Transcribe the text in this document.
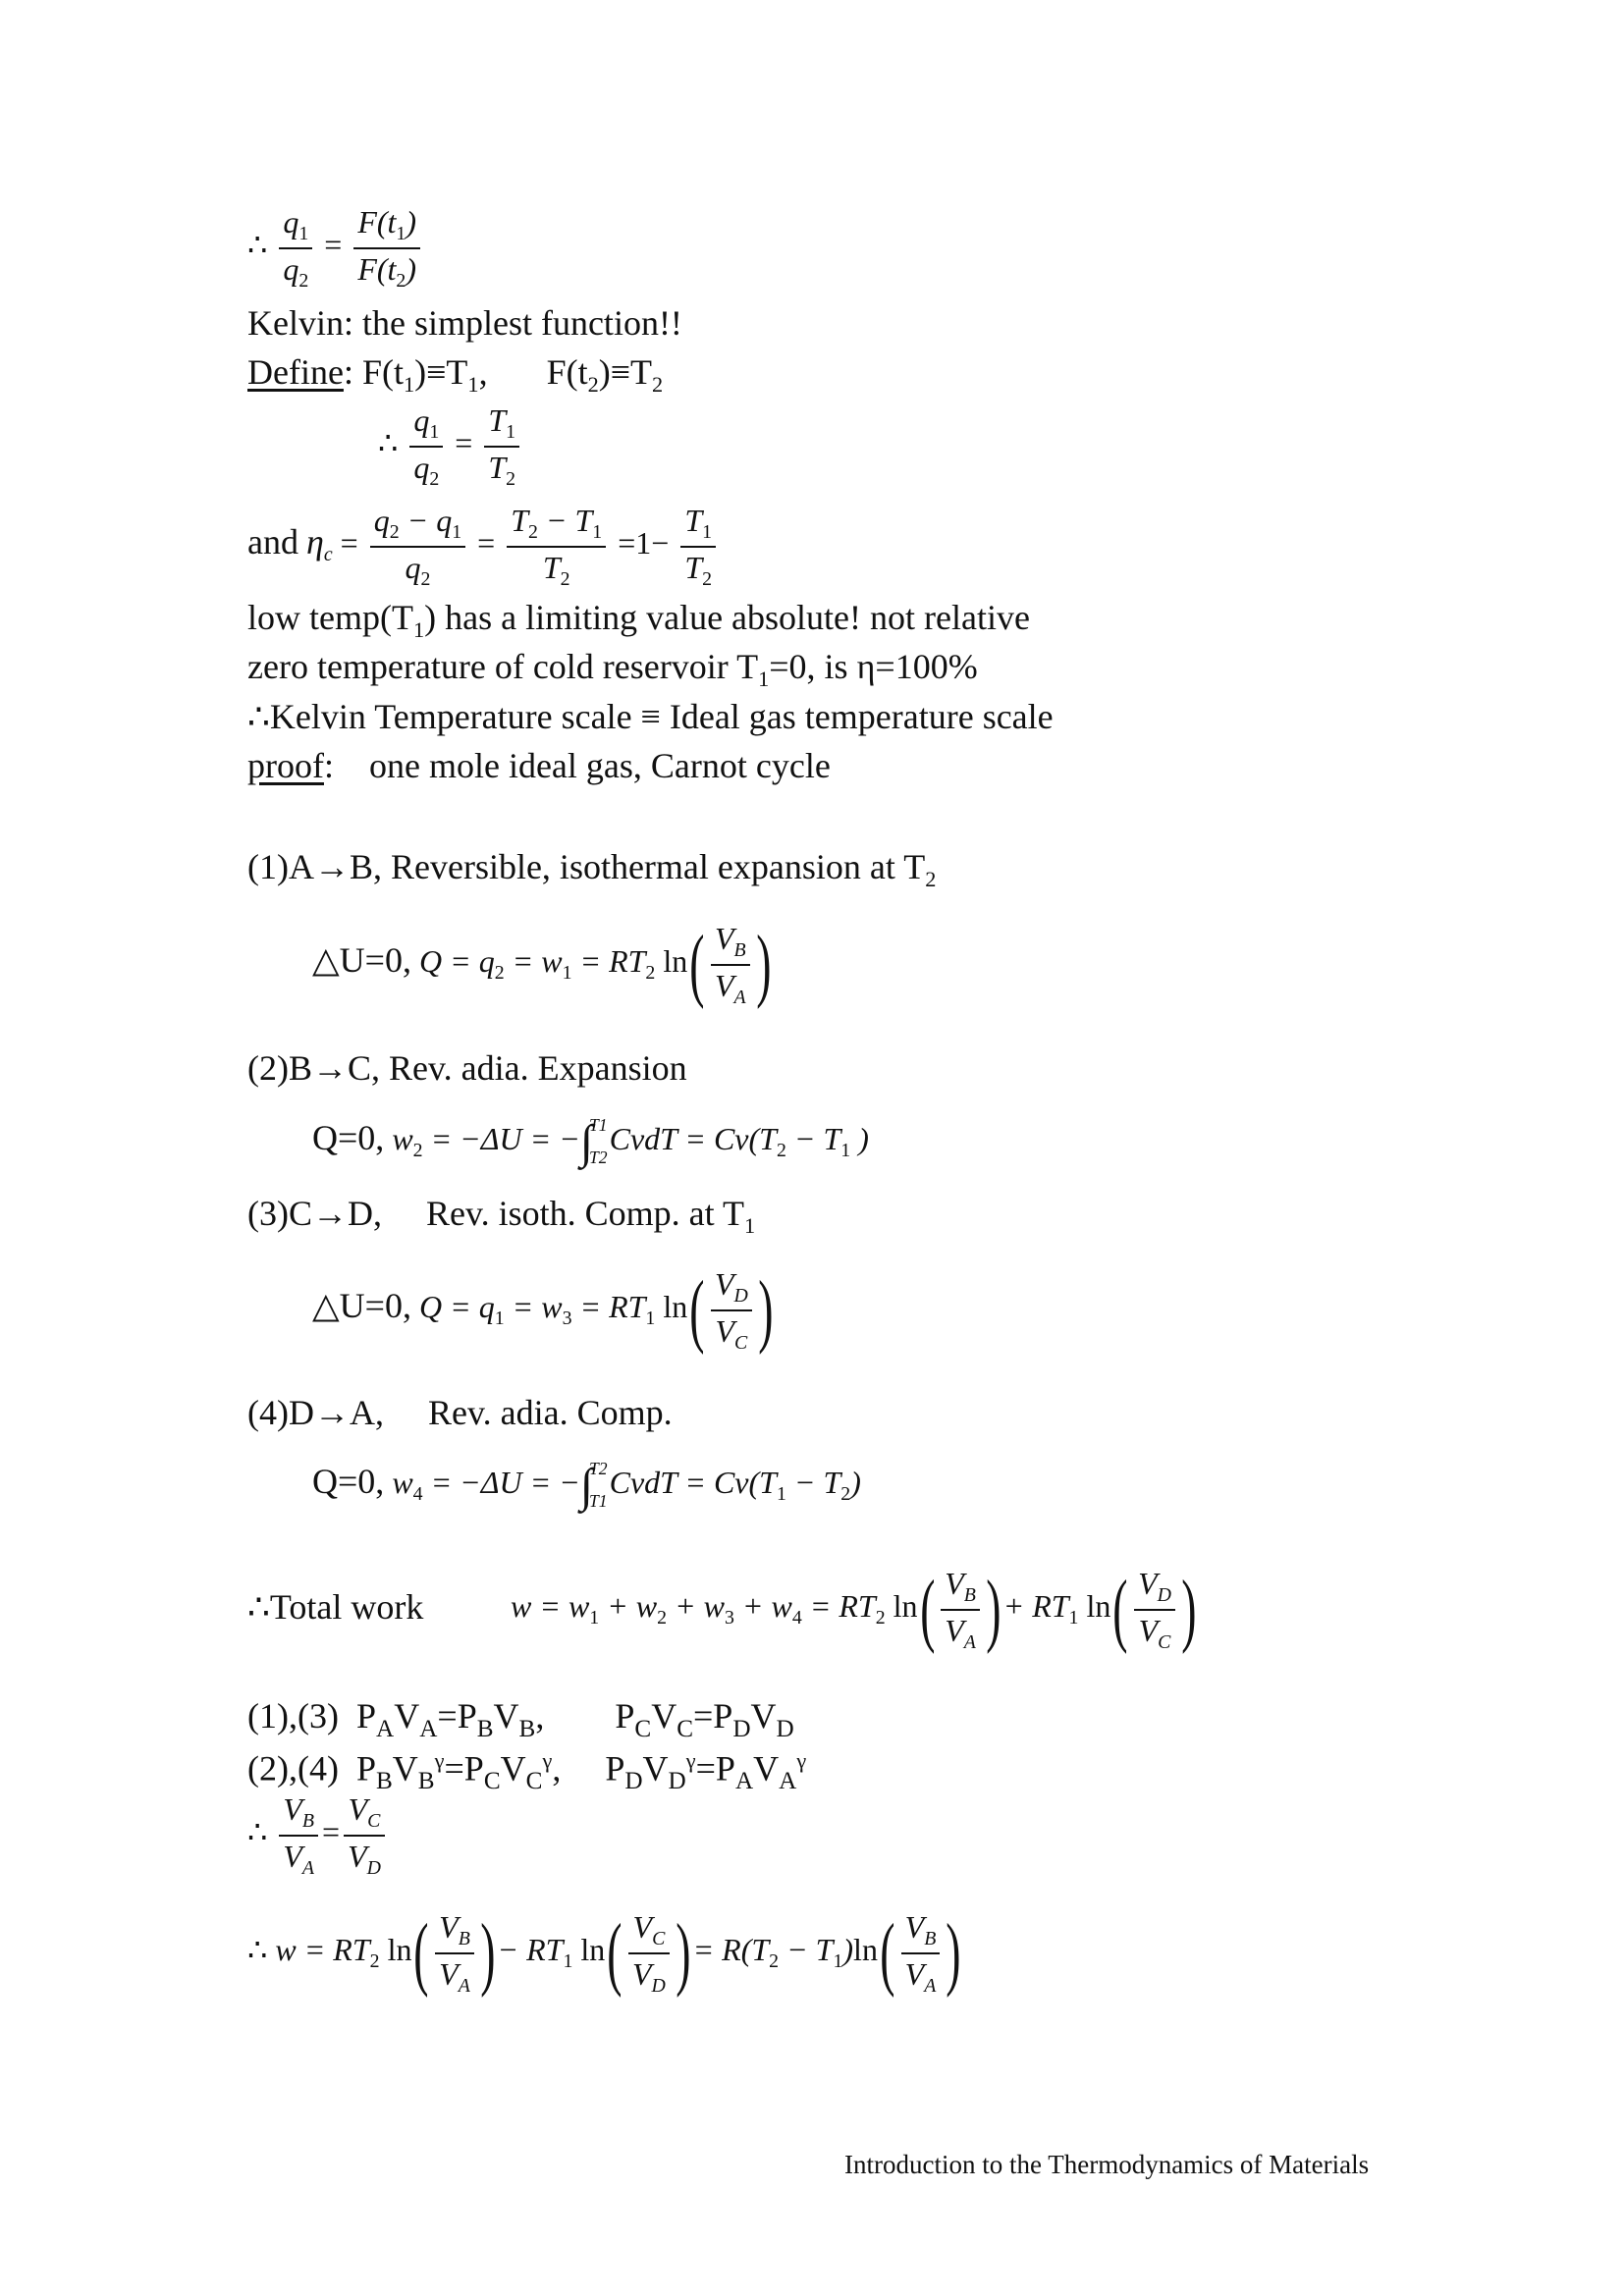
∴ $\frac{q_1}{q_2} = \frac{F(t_1)}{F(t_2)}$
Kelvin: the simplest function!!
Define: $F(t_1)\equiv T_1$, $F(t_2)\equiv T_2$
∴ $\frac{q_1}{q_2} = \frac{T_1}{T_2}$
and $\eta_c = \frac{q_2 - q_1}{q_2} = \frac{T_2 - T_1}{T_2} =1- \frac{T_1}{T_2}$
low $temp(T_1)$ has a limiting value absolute! not relative
zero temperature of cold reservoir $T_1=0$, is η=100%
∴Kelvin Temperature scale ≡ Ideal gas temperature scale
proof:    one mole ideal gas, Carnot cycle
(1)A→B, Reversible, isothermal expansion at $T_2$
△U=0, $Q = q_2 = w_1 = RT_2$ $\ln( \frac{V_B}{V_A}$ )
(2)B→C, Rev. adia. Expansion
Q=0, $w_2 = -\Delta U$ = −∫
T1
T2
CvdT = $Cv(T_2 - T_1$ )
(3)C→D,     Rev. isoth. Comp. at $T_1$
△U=0, $Q = q_1 = w_3 = RT_1$ $\ln( \frac{V_D}{V_C}$ )
(4)D→A,     Rev. adia. Comp.
Q=0, $w_4 = -\Delta U$ = −∫
T2
T1
CvdT = $Cv(T_1 - T_2)$
∴Total work	$w = w_1 + w_2 + w_3 + w_4 = RT_2$ $\ln( \frac{V_B}{V_A}$ )+ $RT_1$ $\ln( \frac{V_D}{V_C}$ )
(1),(3)  $P_AV_A=P_BV_B$,        $P_CV_C=P_DV_D$
(2),(4)  $P_BV_B^\gamma=P_CV_C^\gamma$,     $P_DV_D^\gamma=P_AV_A^\gamma$
∴ $\frac{V_B}{V_A} = \frac{V_C}{V_D}$
∴ $w = RT_2$ $\ln( \frac{V_B}{V_A}$ )− $RT_1$ $\ln( \frac{V_C}{V_D}$ )= $R(T_2 - T_1)\ln( \frac{V_B}{V_A}$ )
Introduction to the Thermodynamics of Materials
